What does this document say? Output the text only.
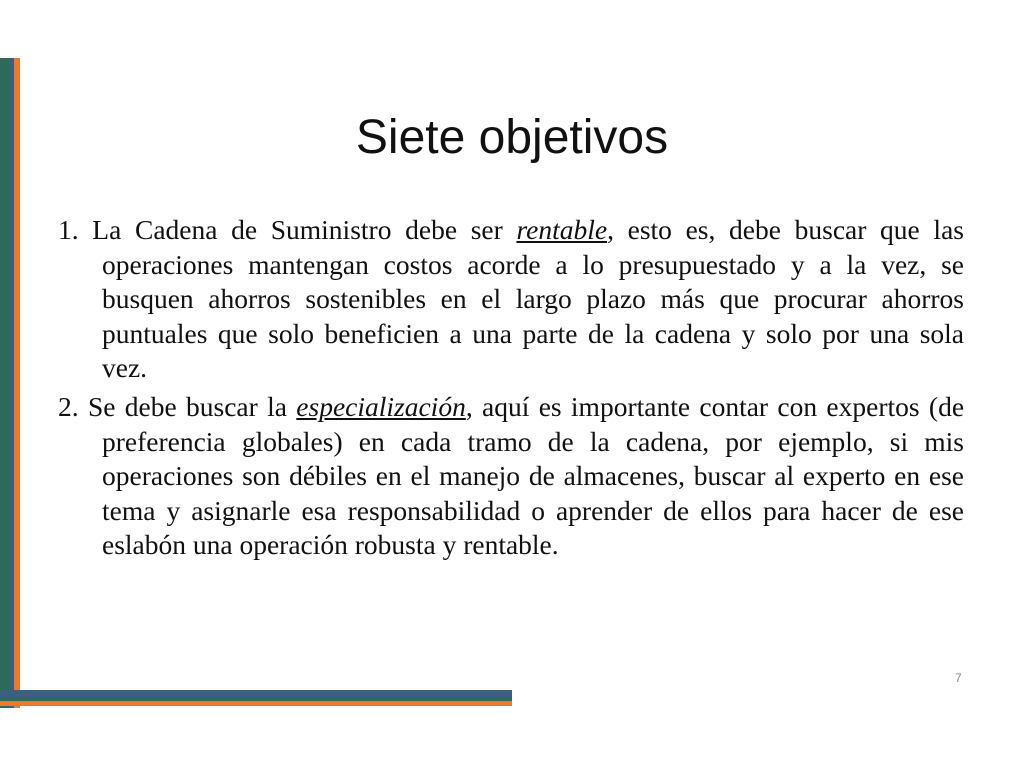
Siete objetivos

1. La Cadena de Suministro debe ser rentable, esto es, debe buscar que las operaciones mantengan costos acorde a lo presupuestado y a la vez, se busquen ahorros sostenibles en el largo plazo más que procurar ahorros puntuales que solo beneficien a una parte de la cadena y solo por una sola vez.

2. Se debe buscar la especialización, aquí es importante contar con expertos (de preferencia globales) en cada tramo de la cadena, por ejemplo, si mis operaciones son débiles en el manejo de almacenes, buscar al experto en ese tema y asignarle esa responsabilidad o aprender de ellos para hacer de ese eslabón una operación robusta y rentable.

7
